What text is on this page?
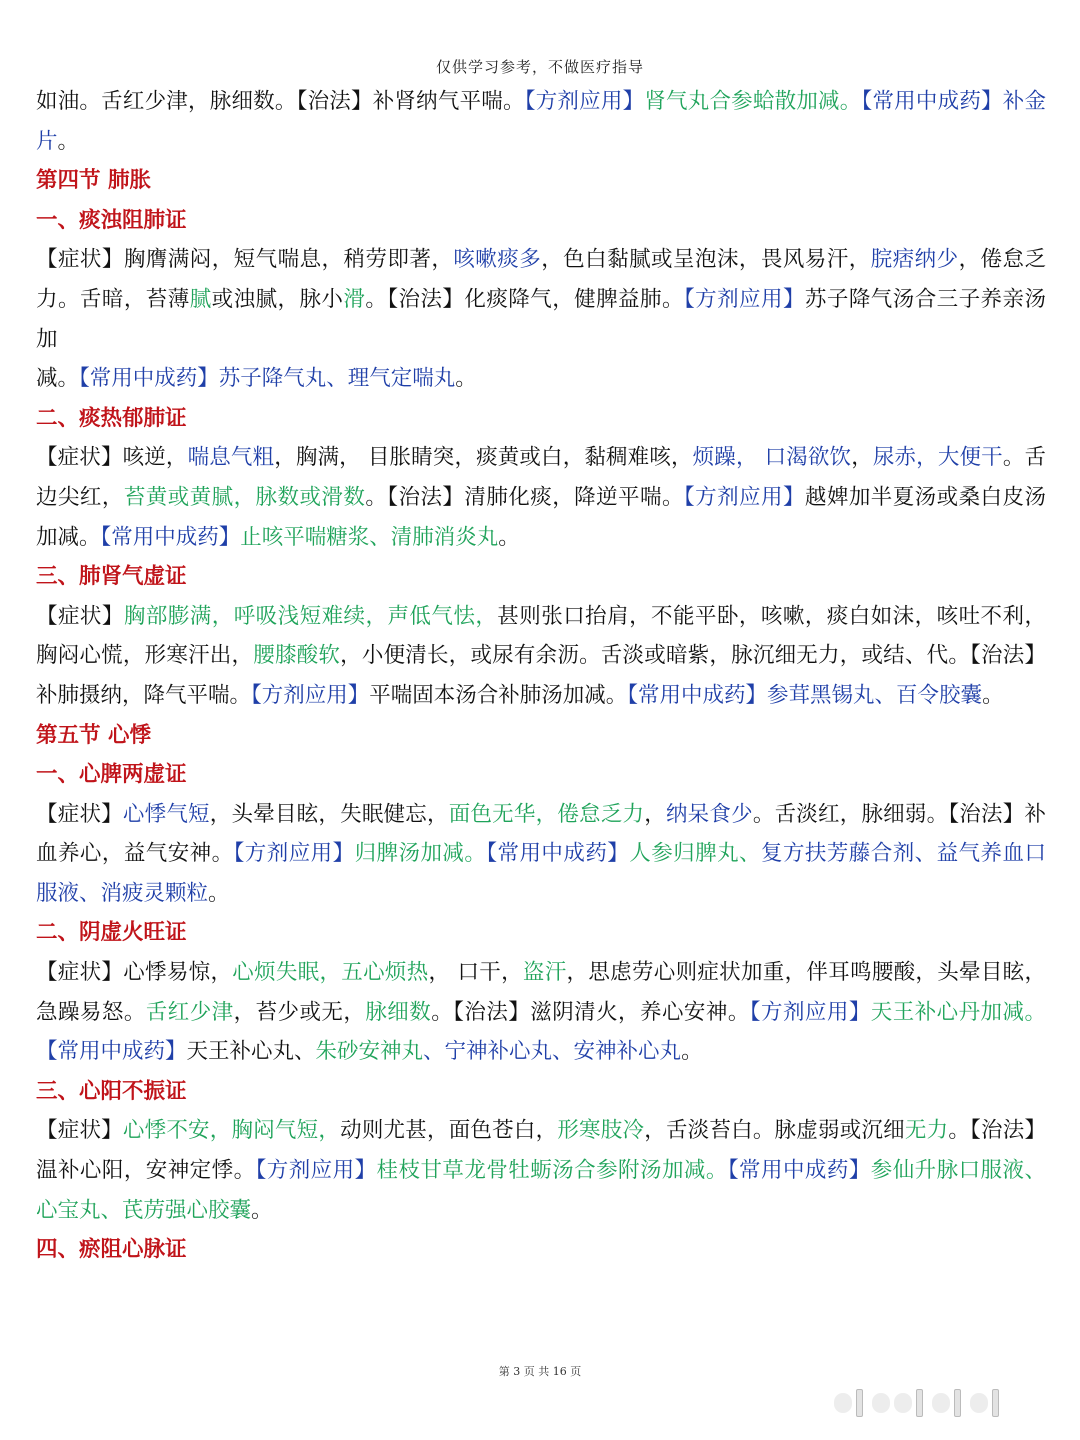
仅供学习参考，不做医疗指导

如油。舌红少津，脉细数。【治法】补肾纳气平喘。【方剂应用】肾气丸合参蛤散加减。【常用中成药】补金片。

第四节 肺胀

一、痰浊阻肺证

【症状】胸膺满闷，短气喘息，稍劳即著，咳嗽痰多，色白黏腻或呈泡沫，畏风易汗，脘痞纳少，倦怠乏力。舌暗，苔薄腻或浊腻，脉小滑。【治法】化痰降气，健脾益肺。【方剂应用】苏子降气汤合三子养亲汤加

减。【常用中成药】苏子降气丸、理气定喘丸。

二、痰热郁肺证

【症状】咳逆，喘息气粗，胸满， 目胀睛突，痰黄或白，黏稠难咳，烦躁， 口渴欲饮，尿赤，大便干。舌边尖红，苔黄或黄腻，脉数或滑数。【治法】清肺化痰，降逆平喘。【方剂应用】越婢加半夏汤或桑白皮汤加减。【常用中成药】止咳平喘糖浆、清肺消炎丸。

三、肺肾气虚证

【症状】胸部膨满，呼吸浅短难续，声低气怯，甚则张口抬肩，不能平卧，咳嗽，痰白如沫，咳吐不利，胸闷心慌，形寒汗出，腰膝酸软，小便清长，或尿有余沥。舌淡或暗紫，脉沉细无力，或结、代。【治法】补肺摄纳，降气平喘。【方剂应用】平喘固本汤合补肺汤加减。【常用中成药】参茸黑锡丸、百令胶囊。

第五节 心悸

一、心脾两虚证

【症状】心悸气短，头晕目眩，失眠健忘，面色无华，倦怠乏力，纳呆食少。舌淡红，脉细弱。【治法】补血养心，益气安神。【方剂应用】归脾汤加减。【常用中成药】人参归脾丸、复方扶芳藤合剂、益气养血口服液、消疲灵颗粒。

二、阴虚火旺证

【症状】心悸易惊，心烦失眠，五心烦热， 口干，盗汗，思虑劳心则症状加重，伴耳鸣腰酸，头晕目眩，急躁易怒。舌红少津，苔少或无，脉细数。【治法】滋阴清火，养心安神。【方剂应用】天王补心丹加减。【常用中成药】天王补心丸、朱砂安神丸、宁神补心丸、安神补心丸。

三、心阳不振证

【症状】心悸不安，胸闷气短，动则尤甚，面色苍白，形寒肢冷，舌淡苔白。脉虚弱或沉细无力。【治法】温补心阳，安神定悸。【方剂应用】桂枝甘草龙骨牡蛎汤合参附汤加减。【常用中成药】参仙升脉口服液、心宝丸、芪苈强心胶囊。

四、瘀阻心脉证

第 3 页 共 16 页
